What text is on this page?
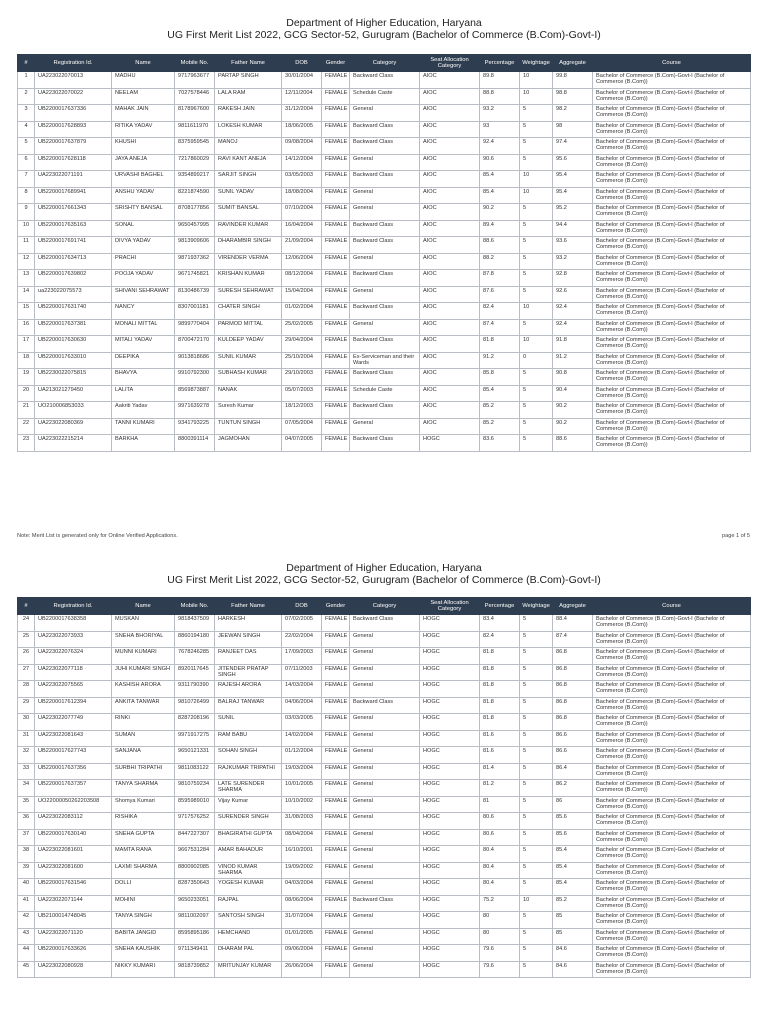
Department of Higher Education, Haryana
UG First Merit List 2022, GCG Sector-52, Gurugram (Bachelor of Commerce (B.Com)-Govt-I)
#	Registration Id.	Name	Mobile No.	Father Name	DOB	Gender	Category	Seat Allocation Category	Percentage	Weightage	Aggregate	Course
1	UA223022070013	MADHU	9717963677	PARTAP SINGH	30/01/2004	FEMALE	Backward Class	AIOC	89.8	10	99.8	Bachelor of Commerce (B.Com)-Govt-I (Bachelor of Commerce (B.Com))
2	UA223022070022	NEELAM	7027578446	LALA RAM	12/11/2004	FEMALE	Schedule Caste	AIOC	88.8	10	98.8	Bachelor of Commerce (B.Com)-Govt-I (Bachelor of Commerce (B.Com))
3	UB2200017637336	MAHAK JAIN	8178967600	RAKESH JAIN	31/12/2004	FEMALE	General	AIOC	93.2	5	98.2	Bachelor of Commerce (B.Com)-Govt-I (Bachelor of Commerce (B.Com))
4	UB2200017628893	RITIKA YADAV	9811611970	LOKESH KUMAR	18/06/2005	FEMALE	Backward Class	AIOC	93	5	98	Bachelor of Commerce (B.Com)-Govt-I (Bachelor of Commerce (B.Com))
5	UB2200017637879	KHUSHI	8375959545	MANOJ	09/08/2004	FEMALE	Backward Class	AIOC	92.4	5	97.4	Bachelor of Commerce (B.Com)-Govt-I (Bachelor of Commerce (B.Com))
6	UB2200017628118	JAYA ANEJA	7217860029	RAVI KANT ANEJA	14/12/2004	FEMALE	General	AIOC	90.6	5	95.6	Bachelor of Commerce (B.Com)-Govt-I (Bachelor of Commerce (B.Com))
7	UA223022071191	URVASHI BAGHEL	9354899217	SARJIT SINGH	03/05/2003	FEMALE	Backward Class	AIOC	85.4	10	95.4	Bachelor of Commerce (B.Com)-Govt-I (Bachelor of Commerce (B.Com))
8	UB2200017689941	ANSHU YADAV	8221874590	SUNIL YADAV	18/08/2004	FEMALE	General	AIOC	85.4	10	95.4	Bachelor of Commerce (B.Com)-Govt-I (Bachelor of Commerce (B.Com))
9	UB2200017661343	SRISHTY BANSAL	8708177856	SUMIT BANSAL	07/10/2004	FEMALE	General	AIOC	90.2	5	95.2	Bachelor of Commerce (B.Com)-Govt-I (Bachelor of Commerce (B.Com))
10	UB2200017635163	SONAL	9650457995	RAVINDER KUMAR	16/04/2004	FEMALE	Backward Class	AIOC	89.4	5	94.4	Bachelor of Commerce (B.Com)-Govt-I (Bachelor of Commerce (B.Com))
11	UB2200017691741	DIVYA YADAV	9813909606	DHARAMBIR SINGH	21/09/2004	FEMALE	Backward Class	AIOC	88.6	5	93.6	Bachelor of Commerce (B.Com)-Govt-I (Bachelor of Commerce (B.Com))
12	UB2200017634713	PRACHI	9871937362	VIRENDER VERMA	12/06/2004	FEMALE	General	AIOC	88.2	5	93.2	Bachelor of Commerce (B.Com)-Govt-I (Bachelor of Commerce (B.Com))
13	UB2200017639802	POOJA YADAV	9671745821	KRISHAN KUMAR	08/12/2004	FEMALE	Backward Class	AIOC	87.8	5	92.8	Bachelor of Commerce (B.Com)-Govt-I (Bachelor of Commerce (B.Com))
14	ua223022075573	SHIVANI SEHRAWAT	8130486739	SURESH SEHRAWAT	15/04/2004	FEMALE	General	AIOC	87.6	5	92.6	Bachelor of Commerce (B.Com)-Govt-I (Bachelor of Commerce (B.Com))
15	UB2200017631740	NANCY	8307001181	CHATER SINGH	01/02/2004	FEMALE	Backward Class	AIOC	82.4	10	92.4	Bachelor of Commerce (B.Com)-Govt-I (Bachelor of Commerce (B.Com))
16	UB2200017637381	MONALI MITTAL	9899770404	PARMOD MITTAL	25/02/2005	FEMALE	General	AIOC	87.4	5	92.4	Bachelor of Commerce (B.Com)-Govt-I (Bachelor of Commerce (B.Com))
17	UB2200017630630	MITALI YADAV	8700472170	KULDEEP YADAV	29/04/2004	FEMALE	Backward Class	AIOC	81.8	10	91.8	Bachelor of Commerce (B.Com)-Govt-I (Bachelor of Commerce (B.Com))
18	UB2200017633010	DEEPIKA	9013818686	SUNIL KUMAR	25/10/2004	FEMALE	Ex-Serviceman and their Wards	AIOC	91.2	0	91.2	Bachelor of Commerce (B.Com)-Govt-I (Bachelor of Commerce (B.Com))
19	UB2230022075815	BHAVYA	9910792300	SUBHASH KUMAR	29/10/2003	FEMALE	Backward Class	AIOC	85.8	5	90.8	Bachelor of Commerce (B.Com)-Govt-I (Bachelor of Commerce (B.Com))
20	UA213021279450	LALITA	8569873887	NANAK	05/07/2003	FEMALE	Schedule Caste	AIOC	85.4	5	90.4	Bachelor of Commerce (B.Com)-Govt-I (Bachelor of Commerce (B.Com))
21	UO210006853033	Aakriti Yadav	9971639278	Suresh Kumar	18/12/2003	FEMALE	Backward Class	AIOC	85.2	5	90.2	Bachelor of Commerce (B.Com)-Govt-I (Bachelor of Commerce (B.Com))
22	UA223022080369	TANNI KUMARI	9341793225	TUNTUN SINGH	07/05/2004	FEMALE	General	AIOC	85.2	5	90.2	Bachelor of Commerce (B.Com)-Govt-I (Bachelor of Commerce (B.Com))
23	UA223022215214	BARKHA	8800391114	JAGMOHAN	04/07/2005	FEMALE	Backward Class	HOGC	83.6	5	88.6	Bachelor of Commerce (B.Com)-Govt-I (Bachelor of Commerce (B.Com))
Note: Merit List is generated only for Online Verified Applications.	page 1 of 5
Department of Higher Education, Haryana
UG First Merit List 2022, GCG Sector-52, Gurugram (Bachelor of Commerce (B.Com)-Govt-I)
#	Registration Id.	Name	Mobile No.	Father Name	DOB	Gender	Category	Seat Allocation Category	Percentage	Weightage	Aggregate	Course
24	UB2200017638358	MUSKAN	9818437509	HARKESH	07/02/2005	FEMALE	Backward Class	HOGC	83.4	5	88.4	Bachelor of Commerce (B.Com)-Govt-I (Bachelor of Commerce (B.Com))
25	UA223022073933	SNEHA BHORIYAL	8860194180	JEEWAN SINGH	22/02/2004	FEMALE	General	HOGC	82.4	5	87.4	Bachelor of Commerce (B.Com)-Govt-I (Bachelor of Commerce (B.Com))
26	UA223022076324	MUNNI KUMARI	7678246285	RANJEET DAS	17/09/2003	FEMALE	General	HOGC	81.8	5	86.8	Bachelor of Commerce (B.Com)-Govt-I (Bachelor of Commerce (B.Com))
27	UA223022077118	JUHI KUMARI SINGH	8920117645	JITENDER PRATAP SINGH	07/11/2003	FEMALE	General	HOGC	81.8	5	86.8	Bachelor of Commerce (B.Com)-Govt-I (Bachelor of Commerce (B.Com))
28	UA223022075565	KASHISH ARORA	9311790390	RAJESH ARORA	14/03/2004	FEMALE	General	HOGC	81.8	5	86.8	Bachelor of Commerce (B.Com)-Govt-I (Bachelor of Commerce (B.Com))
29	UB2200017612394	ANKITA TANWAR	9810726499	BALRAJ TANWAR	04/06/2004	FEMALE	Backward Class	HOGC	81.8	5	86.8	Bachelor of Commerce (B.Com)-Govt-I (Bachelor of Commerce (B.Com))
30	UA223022077749	RINKI	8287208196	SUNIL	03/03/2005	FEMALE	General	HOGC	81.8	5	86.8	Bachelor of Commerce (B.Com)-Govt-I (Bachelor of Commerce (B.Com))
31	UA223022081643	SUMAN	9971917275	RAM BABU	14/02/2004	FEMALE	General	HOGC	81.6	5	86.6	Bachelor of Commerce (B.Com)-Govt-I (Bachelor of Commerce (B.Com))
32	UB2200017627743	SANJANA	9650121331	SOHAN SINGH	01/12/2004	FEMALE	General	HOGC	81.6	5	86.6	Bachelor of Commerce (B.Com)-Govt-I (Bachelor of Commerce (B.Com))
33	UB2200017637356	SURBHI TRIPATHI	9811083122	RAJKUMAR TRIPATHI	19/03/2004	FEMALE	General	HOGC	81.4	5	86.4	Bachelor of Commerce (B.Com)-Govt-I (Bachelor of Commerce (B.Com))
34	UB2200017637357	TANYA SHARMA	9810759234	LATE SURENDER SHARMA	10/01/2005	FEMALE	General	HOGC	81.2	5	86.2	Bachelor of Commerce (B.Com)-Govt-I (Bachelor of Commerce (B.Com))
35	UO22000050262203508	Shomya Kumari	8595989010	Vijay Kumar	10/10/2002	FEMALE	General	HOGC	81	5	86	Bachelor of Commerce (B.Com)-Govt-I (Bachelor of Commerce (B.Com))
36	UA223022083112	RISHIKA	9717576252	SURENDER SINGH	31/08/2003	FEMALE	General	HOGC	80.6	5	85.6	Bachelor of Commerce (B.Com)-Govt-I (Bachelor of Commerce (B.Com))
37	UB2200017630140	SNEHA GUPTA	8447227307	BHAGIRATHI GUPTA	08/04/2004	FEMALE	General	HOGC	80.6	5	85.6	Bachelor of Commerce (B.Com)-Govt-I (Bachelor of Commerce (B.Com))
38	UA223022081601	MAMTA RANA	9667531284	AMAR BAHADUR	16/10/2001	FEMALE	General	HOGC	80.4	5	85.4	Bachelor of Commerce (B.Com)-Govt-I (Bachelor of Commerce (B.Com))
39	UA223022081600	LAXMI SHARMA	8800902085	VINOD KUMAR SHARMA	19/09/2002	FEMALE	General	HOGC	80.4	5	85.4	Bachelor of Commerce (B.Com)-Govt-I (Bachelor of Commerce (B.Com))
40	UB2200017631546	DOLLI	8287350643	YOGESH KUMAR	04/03/2004	FEMALE	General	HOGC	80.4	5	85.4	Bachelor of Commerce (B.Com)-Govt-I (Bachelor of Commerce (B.Com))
41	UA223022071144	MOHINI	9650233051	RAJPAL	08/06/2004	FEMALE	Backward Class	HOGC	75.2	10	85.2	Bachelor of Commerce (B.Com)-Govt-I (Bachelor of Commerce (B.Com))
42	UB2100014748045	TANYA SINGH	9811002097	SANTOSH SINGH	31/07/2004	FEMALE	General	HOGC	80	5	85	Bachelor of Commerce (B.Com)-Govt-I (Bachelor of Commerce (B.Com))
43	UA223022071120	BABITA JANGID	8595895186	HEMCHAND	01/01/2005	FEMALE	General	HOGC	80	5	85	Bachelor of Commerce (B.Com)-Govt-I (Bachelor of Commerce (B.Com))
44	UB2200017633626	SNEHA KAUSHIK	9711349411	DHARAM PAL	09/06/2004	FEMALE	General	HOGC	79.6	5	84.6	Bachelor of Commerce (B.Com)-Govt-I (Bachelor of Commerce (B.Com))
45	UA223022080928	NIKKY KUMARI	9818739852	MRITUNJAY KUMAR	26/06/2004	FEMALE	General	HOGC	79.6	5	84.6	Bachelor of Commerce (B.Com)-Govt-I (Bachelor of Commerce (B.Com))
